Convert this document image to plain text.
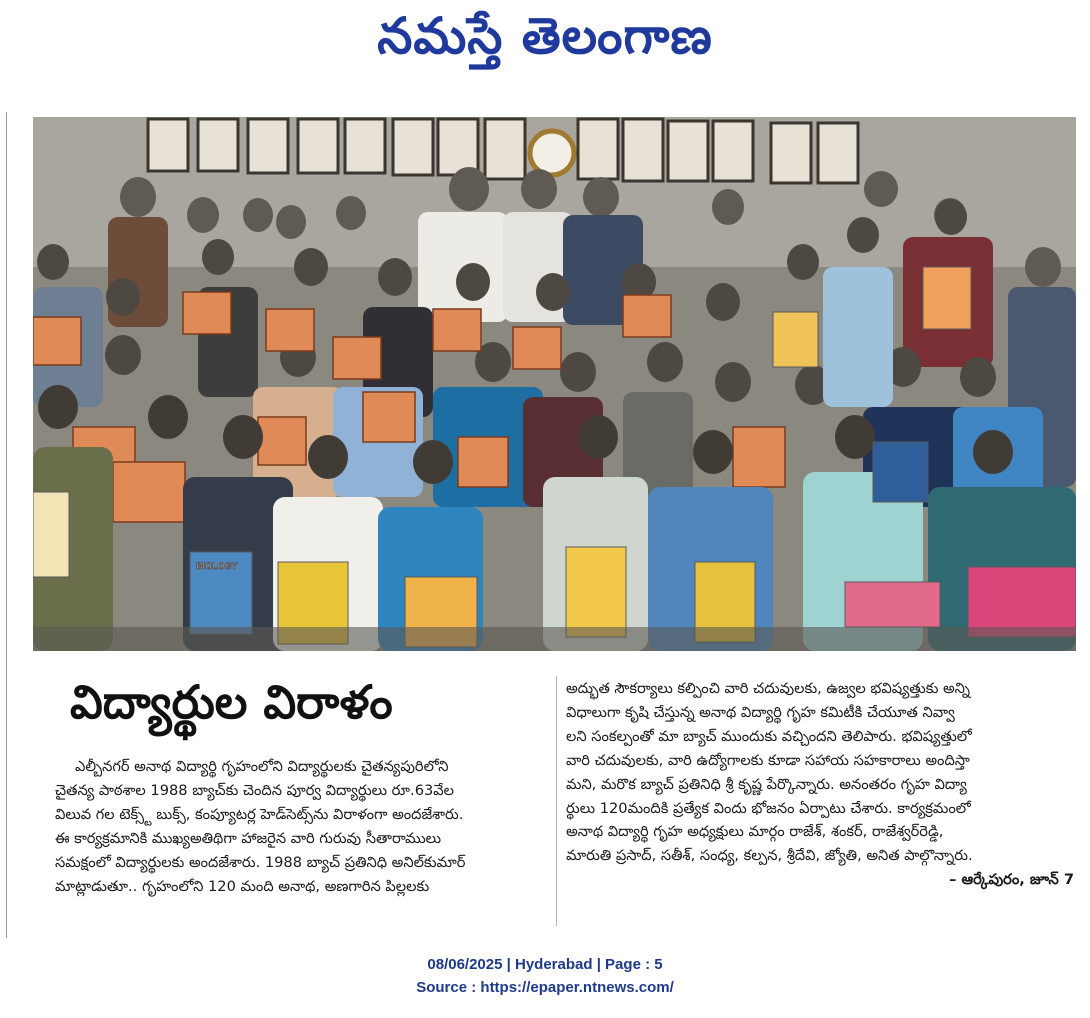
నమస్తే తెలంగాణ
BIOLOGY
విద్యార్థుల విరాళం

ఎల్బీనగర్ అనాథ విద్యార్థి గృహంలోని విద్యార్థులకు చైతన్యపురిలోని

చైతన్య పాఠశాల 1988 బ్యాచ్‌కు చెందిన పూర్వ విద్యార్థులు రూ.63వేల

విలువ గల టెక్స్ట్ బుక్స్, కంప్యూటర్ల హెడ్‌సెట్స్‌ను విరాళంగా అందజేశారు.

ఈ కార్యక్రమానికి ముఖ్యఅతిథిగా హాజరైన వారి గురువు సీతారాములు

సమక్షంలో విద్యార్థులకు అందజేశారు. 1988 బ్యాచ్ ప్రతినిధి అనిల్‌కుమార్

మాట్లాడుతూ.. గృహంలోని 120 మంది అనాథ, అణగారిన పిల్లలకు

అద్భుత సౌకర్యాలు కల్పించి వారి చదువులకు, ఉజ్వల భవిష్యత్తుకు అన్ని

విధాలుగా కృషి చేస్తున్న అనాథ విద్యార్థి గృహ కమిటీకి చేయూత నివ్వా

లని సంకల్పంతో మా బ్యాచ్ ముందుకు వచ్చిందని తెలిపారు. భవిష్యత్తులో

వారి చదువులకు, వారి ఉద్యోగాలకు కూడా సహాయ సహకారాలు అందిస్తా

మని, మరొక బ్యాచ్ ప్రతినిధి శ్రీ కృష్ణ పేర్కొన్నారు. అనంతరం గృహ విద్యా

ర్థులు 120మందికి ప్రత్యేక విందు భోజనం ఏర్పాటు చేశారు. కార్యక్రమంలో

అనాథ విద్యార్థి గృహ అధ్యక్షులు మార్గం రాజేశ్, శంకర్, రాజేశ్వర్‌రెడ్డి,

మారుతి ప్రసాద్, సతీశ్, సంధ్య, కల్పన, శ్రీదేవి, జ్యోతి, అనిత పాల్గొన్నారు.

– ఆర్కేపురం, జూన్ 7

08/06/2025 | Hyderabad | Page : 5
Source : https://epaper.ntnews.com/
